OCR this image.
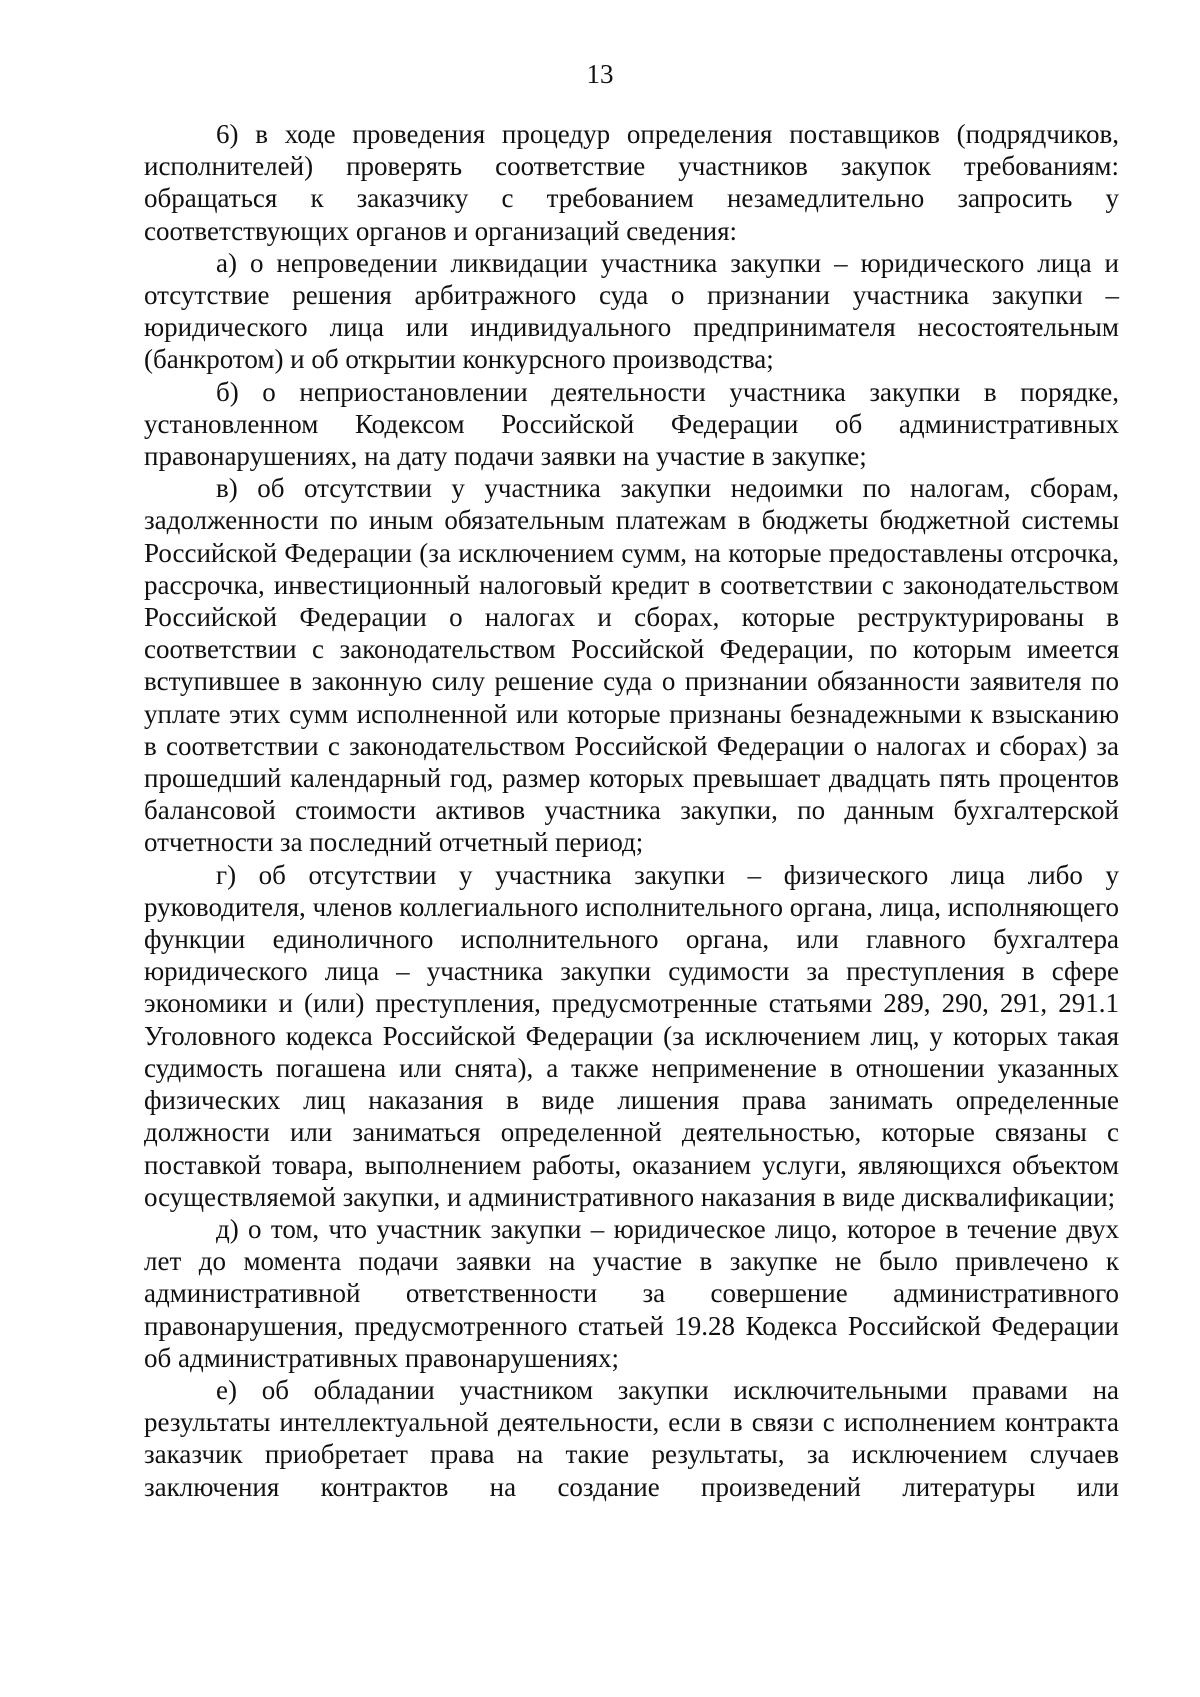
13

6) в ходе проведения процедур определения поставщиков (подрядчиков, исполнителей) проверять соответствие участников закупок требованиям: обращаться к заказчику с требованием незамедлительно запросить у соответствующих органов и организаций сведения:

а) о непроведении ликвидации участника закупки – юридического лица и отсутствие решения арбитражного суда о признании участника закупки – юридического лица или индивидуального предпринимателя несостоятельным (банкротом) и об открытии конкурсного производства;

б) о неприостановлении деятельности участника закупки в порядке, установленном Кодексом Российской Федерации об административных правонарушениях, на дату подачи заявки на участие в закупке;

в) об отсутствии у участника закупки недоимки по налогам, сборам, задолженности по иным обязательным платежам в бюджеты бюджетной системы Российской Федерации (за исключением сумм, на которые предоставлены отсрочка, рассрочка, инвестиционный налоговый кредит в соответствии с законодательством Российской Федерации о налогах и сборах, которые реструктурированы в соответствии с законодательством Российской Федерации, по которым имеется вступившее в законную силу решение суда о признании обязанности заявителя по уплате этих сумм исполненной или которые признаны безнадежными к взысканию в соответствии с законодательством Российской Федерации о налогах и сборах) за прошедший календарный год, размер которых превышает двадцать пять процентов балансовой стоимости активов участника закупки, по данным бухгалтерской отчетности за последний отчетный период;

г) об отсутствии у участника закупки – физического лица либо у руководителя, членов коллегиального исполнительного органа, лица, исполняющего функции единоличного исполнительного органа, или главного бухгалтера юридического лица – участника закупки судимости за преступления в сфере экономики и (или) преступления, предусмотренные статьями 289, 290, 291, 291.1 Уголовного кодекса Российской Федерации (за исключением лиц, у которых такая судимость погашена или снята), а также неприменение в отношении указанных физических лиц наказания в виде лишения права занимать определенные должности или заниматься определенной деятельностью, которые связаны с поставкой товара, выполнением работы, оказанием услуги, являющихся объектом осуществляемой закупки, и административного наказания в виде дисквалификации;

д) о том, что участник закупки – юридическое лицо, которое в течение двух лет до момента подачи заявки на участие в закупке не было привлечено к административной ответственности за совершение административного правонарушения, предусмотренного статьей 19.28 Кодекса Российской Федерации об административных правонарушениях;

е) об обладании участником закупки исключительными правами на результаты интеллектуальной деятельности, если в связи с исполнением контракта заказчик приобретает права на такие результаты, за исключением случаев заключения контрактов на создание произведений литературы или
